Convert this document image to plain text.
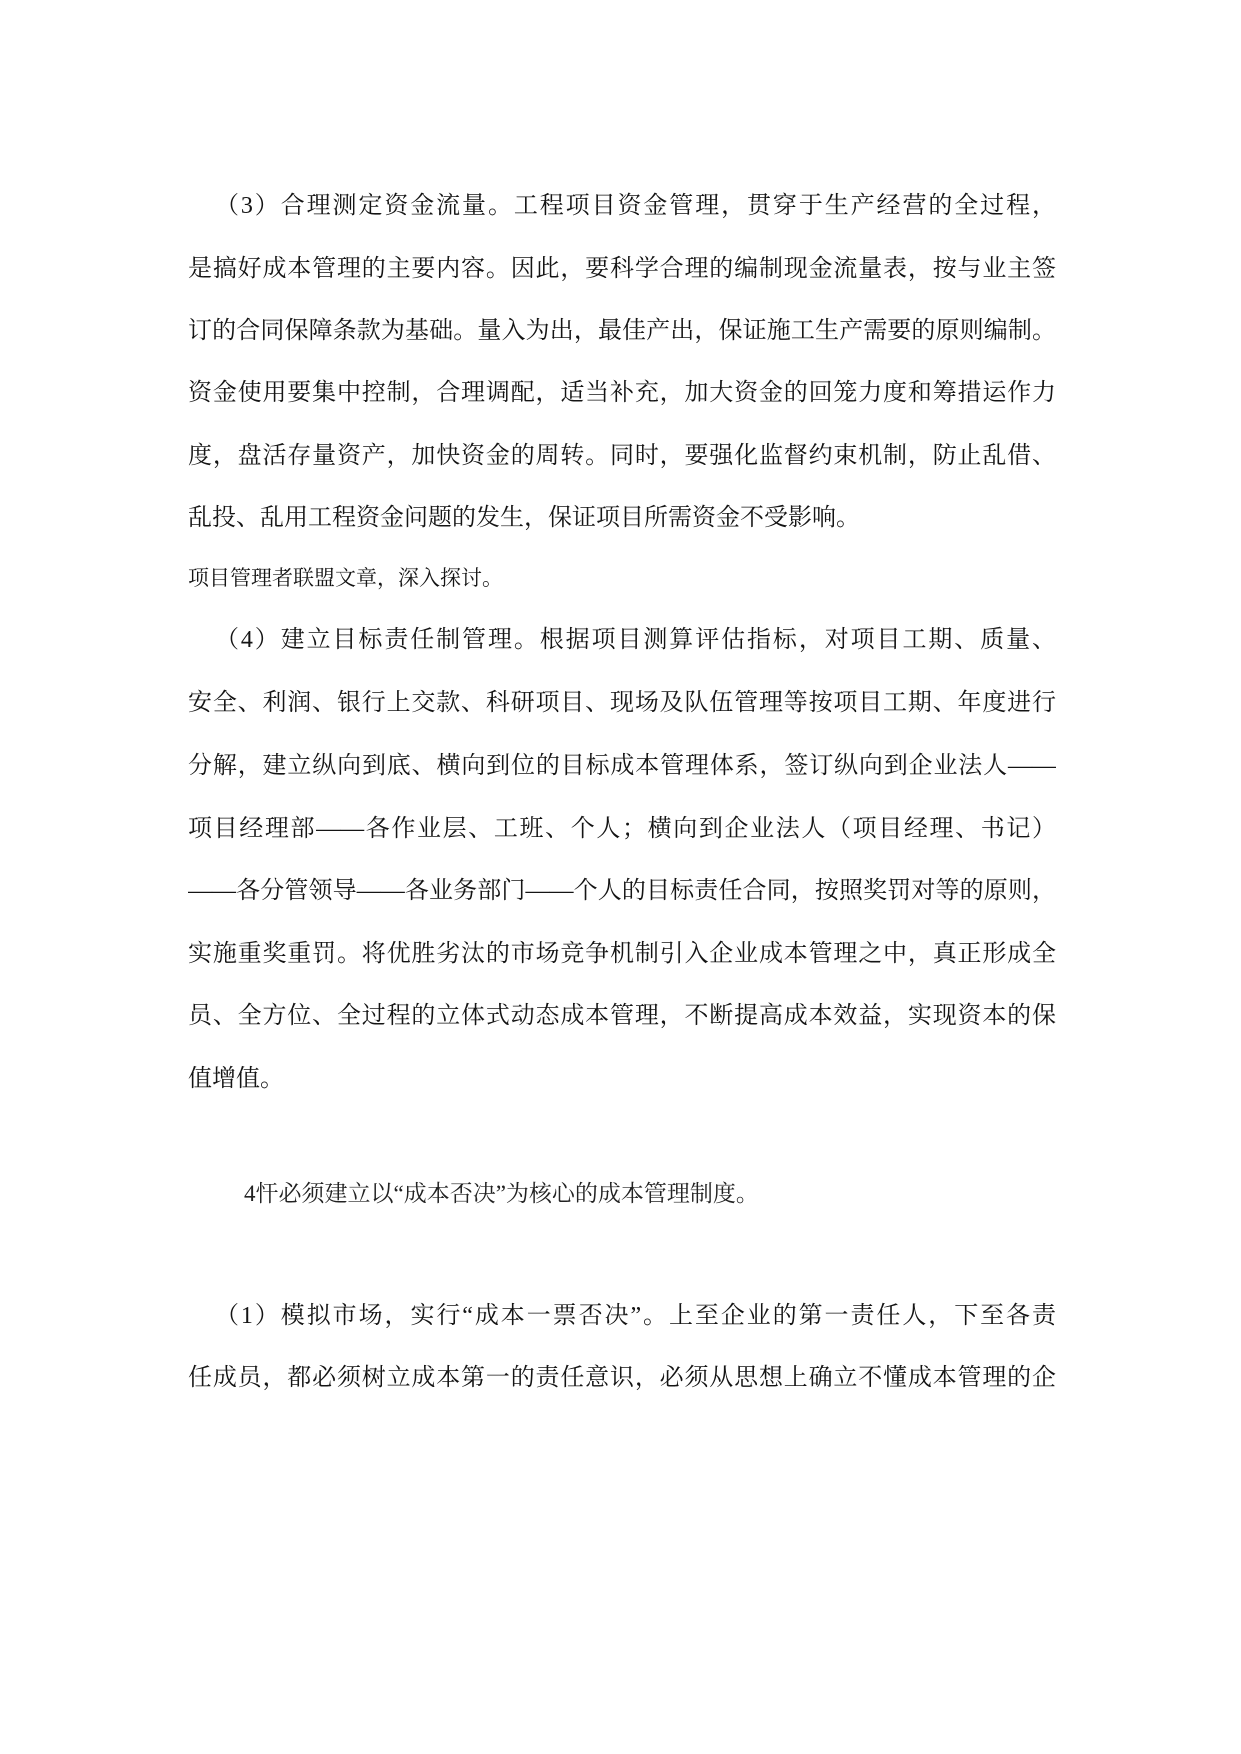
（3）合理测定资金流量。工程项目资金管理，贯穿于生产经营的全过程，
是搞好成本管理的主要内容。因此，要科学合理的编制现金流量表，按与业主签
订的合同保障条款为基础。量入为出，最佳产出，保证施工生产需要的原则编制。
资金使用要集中控制，合理调配，适当补充，加大资金的回笼力度和筹措运作力
度，盘活存量资产，加快资金的周转。同时，要强化监督约束机制，防止乱借、
乱投、乱用工程资金问题的发生，保证项目所需资金不受影响。
项目管理者联盟文章，深入探讨。
（4）建立目标责任制管理。根据项目测算评估指标，对项目工期、质量、
安全、利润、银行上交款、科研项目、现场及队伍管理等按项目工期、年度进行
分解，建立纵向到底、横向到位的目标成本管理体系，签订纵向到企业法人——
项目经理部——各作业层、工班、个人；横向到企业法人（项目经理、书记）
——各分管领导——各业务部门——个人的目标责任合同，按照奖罚对等的原则，
实施重奖重罚。将优胜劣汰的市场竞争机制引入企业成本管理之中，真正形成全
员、全方位、全过程的立体式动态成本管理，不断提高成本效益，实现资本的保
值增值。
4忓必须建立以“成本否决”为核心的成本管理制度。
（1）模拟市场，实行“成本一票否决”。上至企业的第一责任人，下至各责
任成员，都必须树立成本第一的责任意识，必须从思想上确立不懂成本管理的企
